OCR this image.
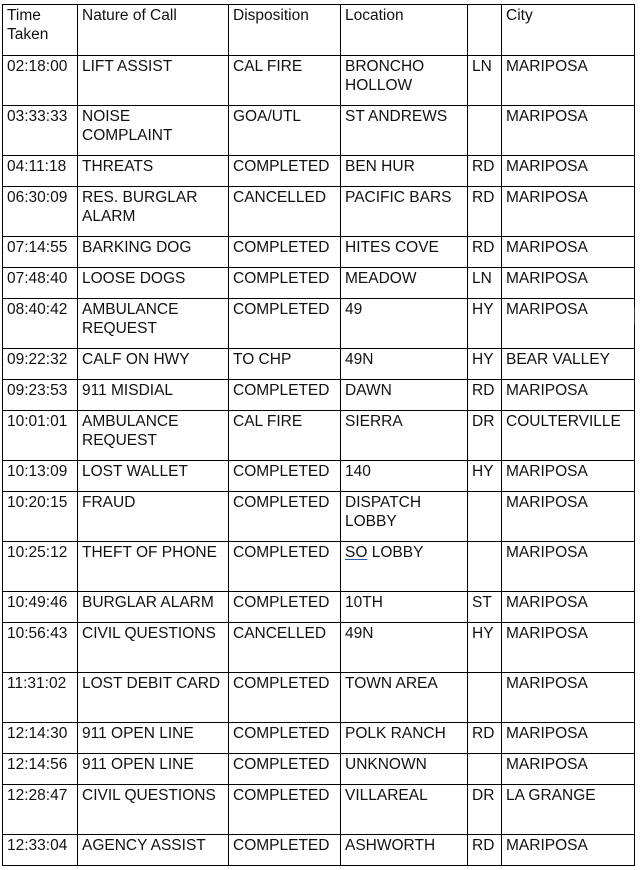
Time Taken	Nature of Call	Disposition	Location		City
02:18:00	LIFT ASSIST	CAL FIRE	BRONCHO HOLLOW	LN	MARIPOSA
03:33:33	NOISE COMPLAINT	GOA/UTL	ST ANDREWS		MARIPOSA
04:11:18	THREATS	COMPLETED	BEN HUR	RD	MARIPOSA
06:30:09	RES. BURGLAR ALARM	CANCELLED	PACIFIC BARS	RD	MARIPOSA
07:14:55	BARKING DOG	COMPLETED	HITES COVE	RD	MARIPOSA
07:48:40	LOOSE DOGS	COMPLETED	MEADOW	LN	MARIPOSA
08:40:42	AMBULANCE REQUEST	COMPLETED	49	HY	MARIPOSA
09:22:32	CALF ON HWY	TO CHP	49N	HY	BEAR VALLEY
09:23:53	911 MISDIAL	COMPLETED	DAWN	RD	MARIPOSA
10:01:01	AMBULANCE REQUEST	CAL FIRE	SIERRA	DR	COULTERVILLE
10:13:09	LOST WALLET	COMPLETED	140	HY	MARIPOSA
10:20:15	FRAUD	COMPLETED	DISPATCH LOBBY		MARIPOSA
10:25:12	THEFT OF PHONE	COMPLETED	SO LOBBY		MARIPOSA
10:49:46	BURGLAR ALARM	COMPLETED	10TH	ST	MARIPOSA
10:56:43	CIVIL QUESTIONS	CANCELLED	49N	HY	MARIPOSA
11:31:02	LOST DEBIT CARD	COMPLETED	TOWN AREA		MARIPOSA
12:14:30	911 OPEN LINE	COMPLETED	POLK RANCH	RD	MARIPOSA
12:14:56	911 OPEN LINE	COMPLETED	UNKNOWN		MARIPOSA
12:28:47	CIVIL QUESTIONS	COMPLETED	VILLAREAL	DR	LA GRANGE
12:33:04	AGENCY ASSIST	COMPLETED	ASHWORTH	RD	MARIPOSA
